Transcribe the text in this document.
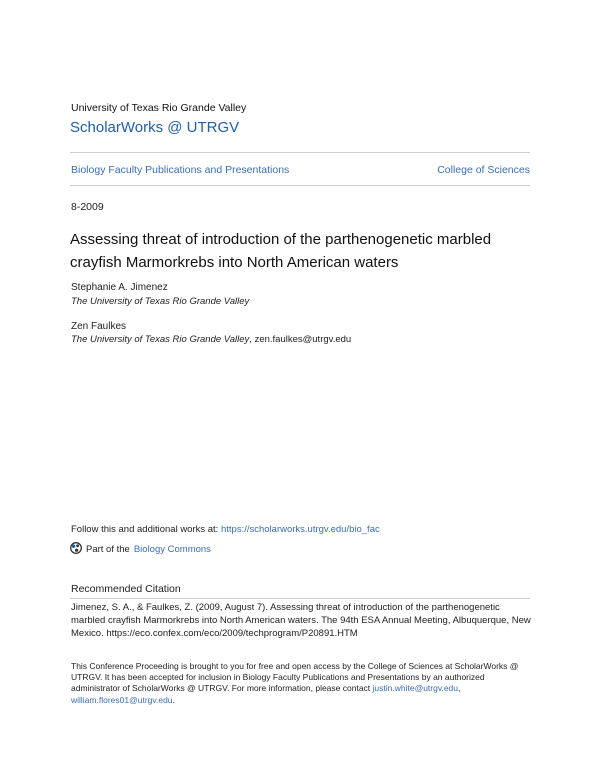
University of Texas Rio Grande Valley
ScholarWorks @ UTRGV
Biology Faculty Publications and Presentations	College of Sciences
8-2009
Assessing threat of introduction of the parthenogenetic marbled crayfish Marmorkrebs into North American waters
Stephanie A. Jimenez
The University of Texas Rio Grande Valley
Zen Faulkes
The University of Texas Rio Grande Valley, zen.faulkes@utrgv.edu
Follow this and additional works at: https://scholarworks.utrgv.edu/bio_fac
Part of the Biology Commons
Recommended Citation
Jimenez, S. A., & Faulkes, Z. (2009, August 7). Assessing threat of introduction of the parthenogenetic marbled crayfish Marmorkrebs into North American waters. The 94th ESA Annual Meeting, Albuquerque, New Mexico. https://eco.confex.com/eco/2009/techprogram/P20891.HTM
This Conference Proceeding is brought to you for free and open access by the College of Sciences at ScholarWorks @ UTRGV. It has been accepted for inclusion in Biology Faculty Publications and Presentations by an authorized administrator of ScholarWorks @ UTRGV. For more information, please contact justin.white@utrgv.edu, william.flores01@utrgv.edu.
